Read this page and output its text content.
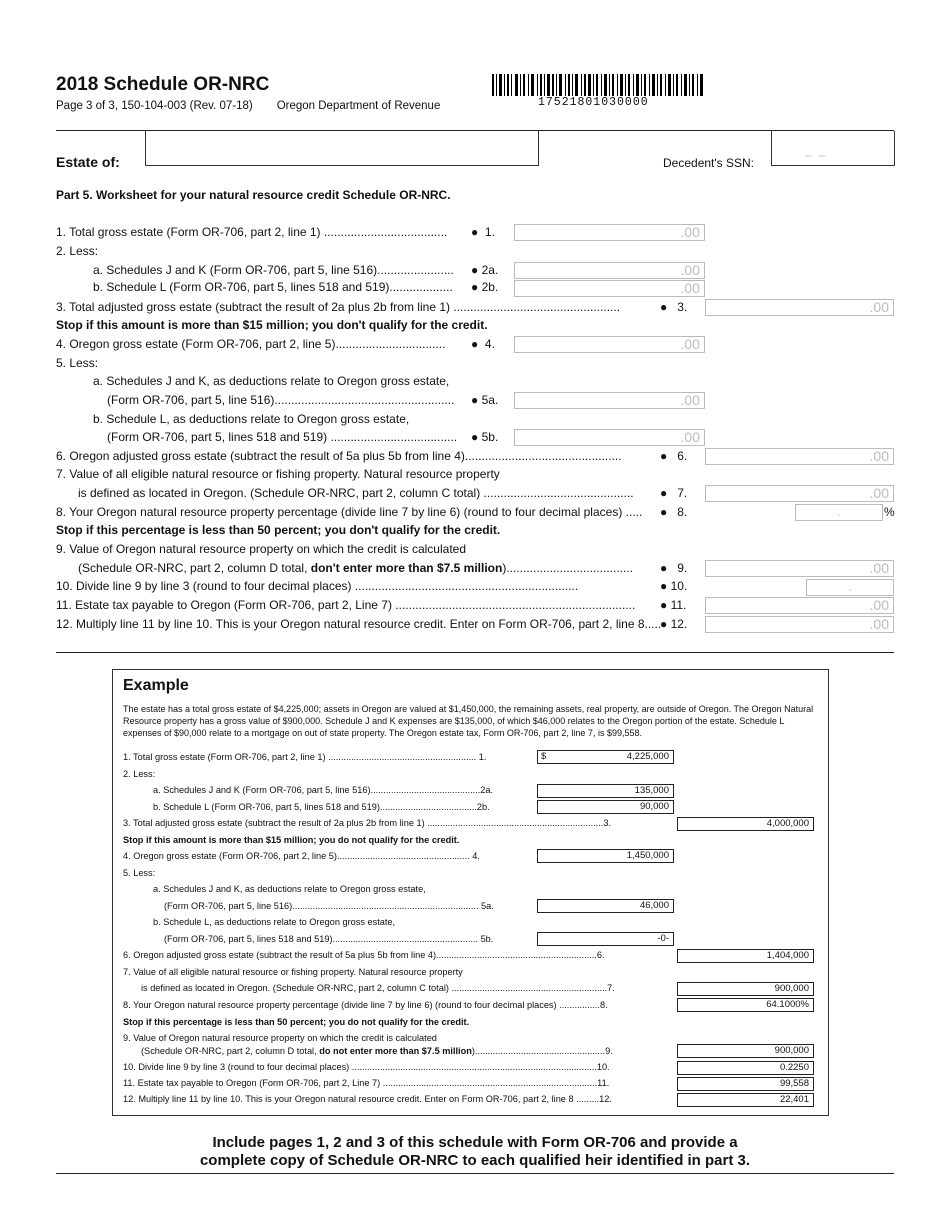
2018 Schedule OR-NRC
Page 3 of 3, 150-104-003 (Rev. 07-18) Oregon Department of Revenue	17521801030000
Estate of:	Decedent's SSN:
– –
Part 5. Worksheet for your natural resource credit Schedule OR-NRC.
1. Total gross estate (Form OR-706, part 2, line 1) ..................................... ●  1.	.00
2. Less:
a. Schedules J and K (Form OR-706, part 5, line 516)....................... ● 2a.	.00
b. Schedule L (Form OR-706, part 5, lines 518 and 519)................... ● 2b.	.00
3. Total adjusted gross estate (subtract the result of 2a plus 2b from line 1) ..................................................	●   3.	.00
Stop if this amount is more than $15 million; you don't qualify for the credit.
4. Oregon gross estate (Form OR-706, part 2, line 5)................................. ●  4.	.00
5. Less:
a. Schedules J and K, as deductions relate to Oregon gross estate,
(Form OR-706, part 5, line 516)...................................................... ● 5a.	.00
b. Schedule L, as deductions relate to Oregon gross estate,
(Form OR-706, part 5, lines 518 and 519) ...................................... ● 5b.	.00
6. Oregon adjusted gross estate (subtract the result of 5a plus 5b from line 4)...............................................	●   6.	.00
7. Value of all eligible natural resource or fishing property. Natural resource property
is defined as located in Oregon. (Schedule OR-NRC, part 2, column C total) ............................................. ●   7.	.00
8. Your Oregon natural resource property percentage (divide line 7 by line 6) (round to four decimal places) ..... ●   8.	.	%
Stop if this percentage is less than 50 percent; you don't qualify for the credit.
9. Value of Oregon natural resource property on which the credit is calculated
(Schedule OR-NRC, part 2, column D total, don't enter more than $7.5 million)...................................... ●   9.	.00
10. Divide line 9 by line 3 (round to four decimal places) ...................................................................	● 10.	.
11. Estate tax payable to Oregon (Form OR-706, part 2, Line 7) ........................................................................ ● 11.	.00
12. Multiply line 11 by line 10. This is your Oregon natural resource credit. Enter on Form OR-706, part 2, line 8.....
● 12.	.00
Example
The estate has a total gross estate of $4,225,000; assets in Oregon are valued at $1,450,000, the remaining assets, real property, are outside of Oregon. The Oregon Natural Resource property has a gross value of $900,000. Schedule J and K expenses are $135,000, of which $46,000 relates to the Oregon portion of the estate. Schedule L expenses of $90,000 relate to a mortgage on out of state property. The Oregon estate tax, Form OR-706, part 2, line 7, is $99,558.
1. Total gross estate (Form OR-706, part 2, line 1) .......................................................... 1.	$	4,225,000
2. Less:
a. Schedules J and K (Form OR-706, part 5, line 516)...........................................2a.	135,000
b. Schedule L (Form OR-706, part 5, lines 518 and 519)......................................2b.	90,000
3. Total adjusted gross estate (subtract the result of 2a plus 2b from line 1) .....................................................................3.	4,000,000
Stop if this amount is more than $15 million; you do not qualify for the credit.
4. Oregon gross estate (Form OR-706, part 2, line 5).................................................... 4.	1,450,000
5. Less:
a. Schedules J and K, as deductions relate to Oregon gross estate,
(Form OR-706, part 5, line 516)......................................................................... 5a.	46,000
b. Schedule L, as deductions relate to Oregon gross estate,
(Form OR-706, part 5, lines 518 and 519)......................................................... 5b.	-0-
6. Oregon adjusted gross estate (subtract the result of 5a plus 5b from line 4)...............................................................6.	1,404,000
7. Value of all eligible natural resource or fishing property. Natural resource property
is defined as located in Oregon. (Schedule OR-NRC, part 2, column C total) .............................................................7.	900,000
8. Your Oregon natural resource property percentage (divide line 7 by line 6) (round to four decimal places) ................8.	64.1000%
Stop if this percentage is less than 50 percent; you do not qualify for the credit.
9. Value of Oregon natural resource property on which the credit is calculated
(Schedule OR-NRC, part 2, column D total, do not enter more than $7.5 million)...................................................9.	900,000
10. Divide line 9 by line 3 (round to four decimal places) ................................................................................................10.	0.2250
11. Estate tax payable to Oregon (Form OR-706, part 2, Line 7) ....................................................................................11.	99,558
12. Multiply line 11 by line 10. This is your Oregon natural resource credit. Enter on Form OR-706, part 2, line 8 .........12.	22,401
Include pages 1, 2 and 3 of this schedule with Form OR-706 and provide a
complete copy of Schedule OR-NRC to each qualified heir identified in part 3.
